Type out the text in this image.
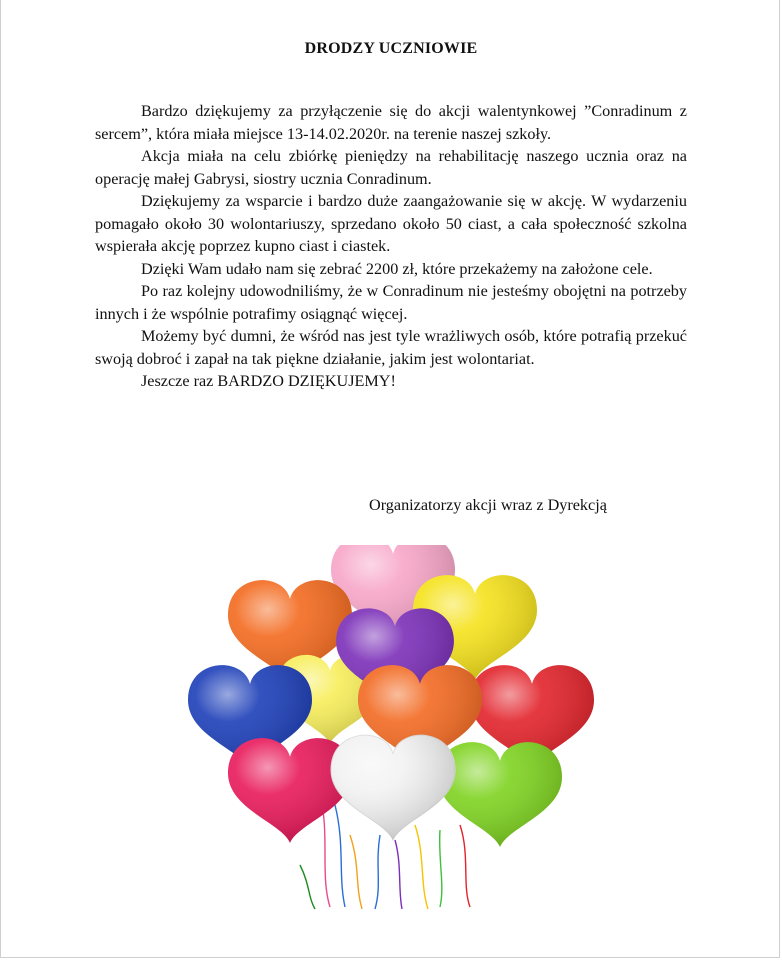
DRODZY UCZNIOWIE

Bardzo dziękujemy za przyłączenie się do akcji walentynkowej ”Conradinum z sercem”, która miała miejsce 13-14.02.2020r. na terenie naszej szkoły.

Akcja miała na celu zbiórkę pieniędzy na rehabilitację naszego ucznia oraz na operację małej Gabrysi, siostry ucznia Conradinum.

Dziękujemy za wsparcie i bardzo duże zaangażowanie się w akcję. W wydarzeniu pomagało około 30 wolontariuszy, sprzedano około 50 ciast, a cała społeczność szkolna wspierała akcję poprzez kupno ciast i ciastek.

Dzięki Wam udało nam się zebrać 2200 zł, które przekażemy na założone cele.

Po raz kolejny udowodniliśmy, że w Conradinum nie jesteśmy obojętni na potrzeby innych i że wspólnie potrafimy osiągnąć więcej.

Możemy być dumni, że wśród nas jest tyle wrażliwych osób, które potrafią przekuć swoją dobroć i zapał na tak piękne działanie, jakim jest wolontariat.

Jeszcze raz BARDZO DZIĘKUJEMY!

Organizatorzy akcji wraz z Dyrekcją
